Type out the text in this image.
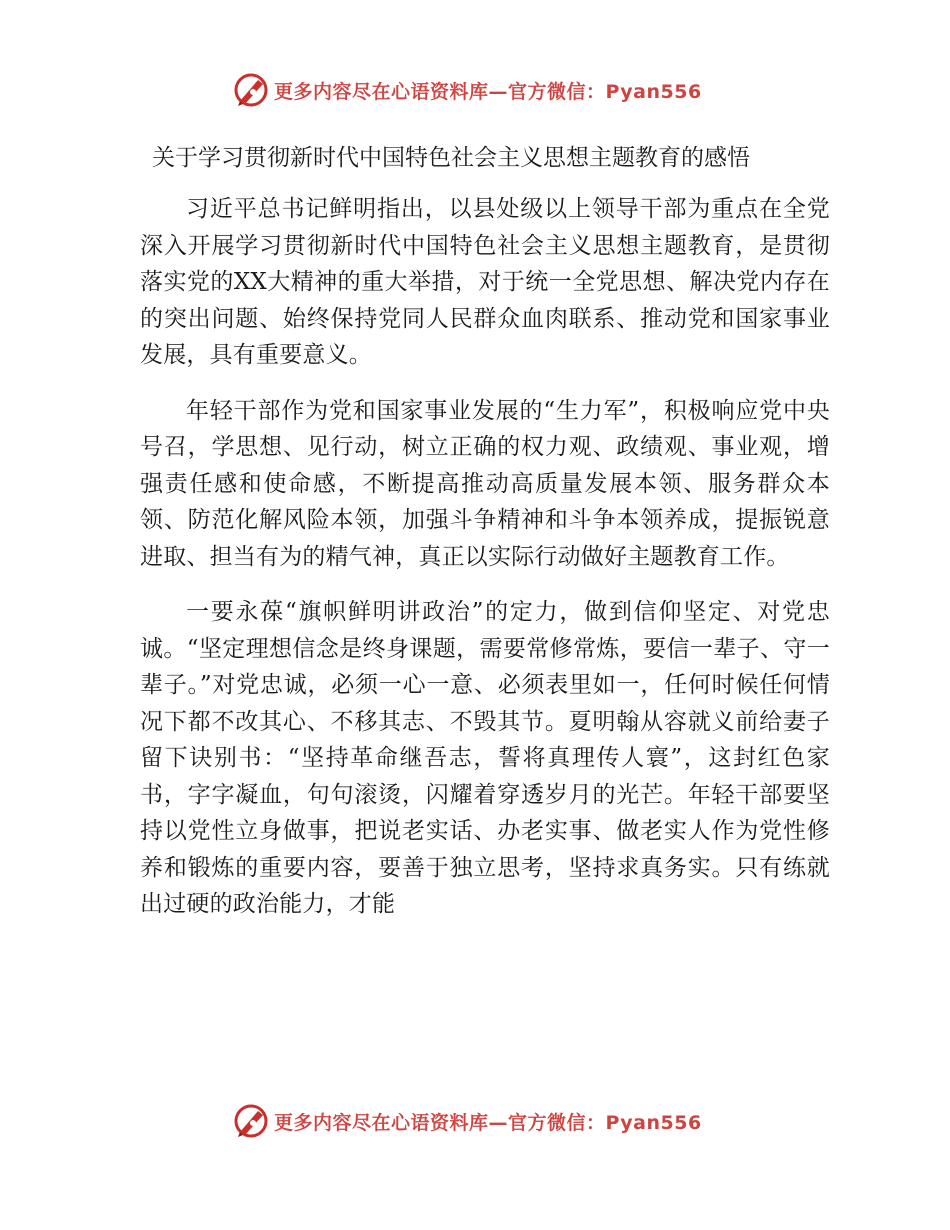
更多内容尽在心语资料库—官方微信：Pyan556
关于学习贯彻新时代中国特色社会主义思想主题教育的感悟

习近平总书记鲜明指出，以县处级以上领导干部为重点在全党深入开展学习贯彻新时代中国特色社会主义思想主题教育，是贯彻落实党的XX大精神的重大举措，对于统一全党思想、解决党内存在的突出问题、始终保持党同人民群众血肉联系、推动党和国家事业发展，具有重要意义。

年轻干部作为党和国家事业发展的“生力军”，积极响应党中央号召，学思想、见行动，树立正确的权力观、政绩观、事业观，增强责任感和使命感，不断提高推动高质量发展本领、服务群众本领、防范化解风险本领，加强斗争精神和斗争本领养成，提振锐意进取、担当有为的精气神，真正以实际行动做好主题教育工作。

一要永葆“旗帜鲜明讲政治”的定力，做到信仰坚定、对党忠诚。“坚定理想信念是终身课题，需要常修常炼，要信一辈子、守一辈子。”对党忠诚，必须一心一意、必须表里如一，任何时候任何情况下都不改其心、不移其志、不毁其节。夏明翰从容就义前给妻子留下诀别书：“坚持革命继吾志，誓将真理传人寰”，这封红色家书，字字凝血，句句滚烫，闪耀着穿透岁月的光芒。年轻干部要坚持以党性立身做事，把说老实话、办老实事、做老实人作为党性修养和锻炼的重要内容，要善于独立思考，坚持求真务实。只有练就出过硬的政治能力，才能

更多内容尽在心语资料库—官方微信：Pyan556
